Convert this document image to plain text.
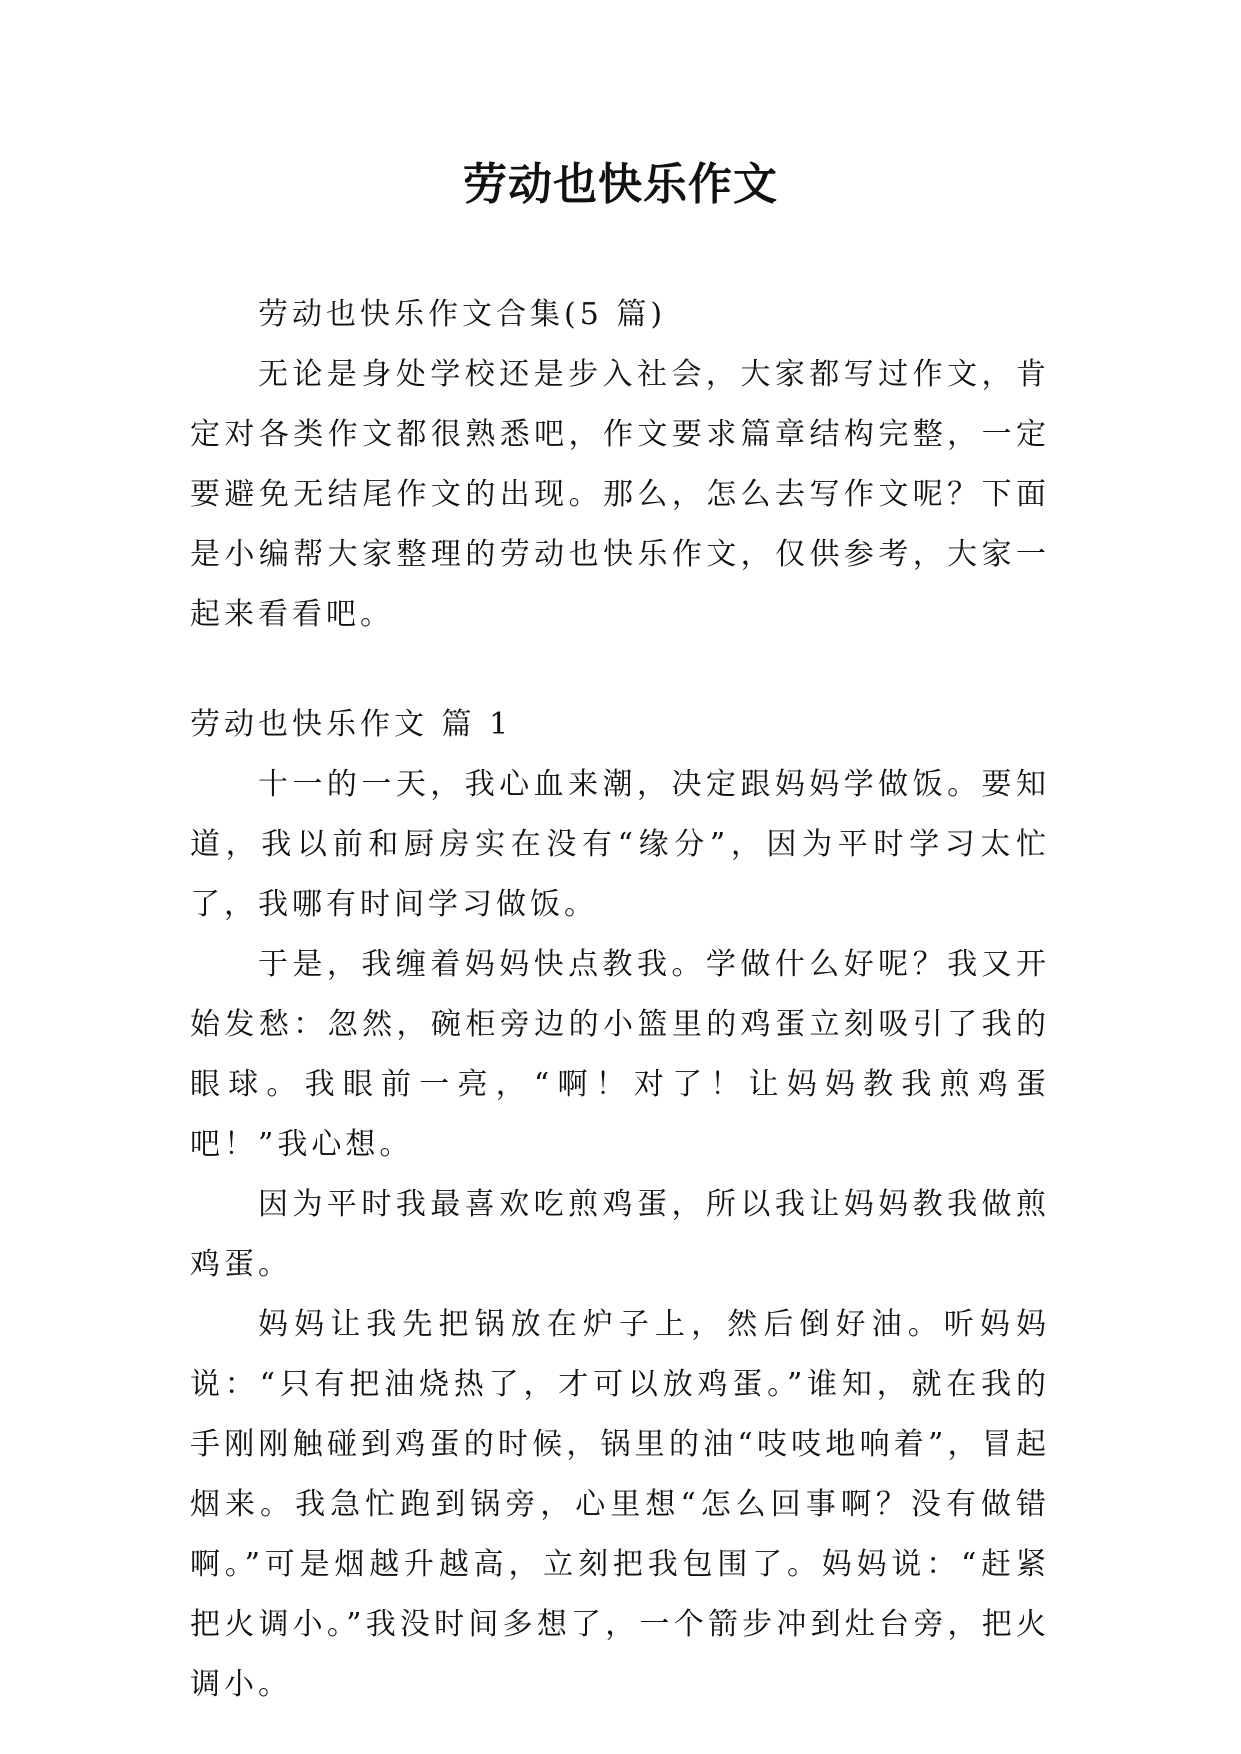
劳动也快乐作文

劳动也快乐作文合集(5 篇)

无论是身处学校还是步入社会，大家都写过作文，肯定对各类作文都很熟悉吧，作文要求篇章结构完整，一定要避免无结尾作文的出现。那么，怎么去写作文呢？下面是小编帮大家整理的劳动也快乐作文，仅供参考，大家一起来看看吧。

劳动也快乐作文 篇 1

十一的一天，我心血来潮，决定跟妈妈学做饭。要知道，我以前和厨房实在没有“缘分”，因为平时学习太忙了，我哪有时间学习做饭。

于是，我缠着妈妈快点教我。学做什么好呢？我又开始发愁：忽然，碗柜旁边的小篮里的鸡蛋立刻吸引了我的眼球。我眼前一亮，“啊！对了！让妈妈教我煎鸡蛋吧！”我心想。

因为平时我最喜欢吃煎鸡蛋，所以我让妈妈教我做煎鸡蛋。

妈妈让我先把锅放在炉子上，然后倒好油。听妈妈说：“只有把油烧热了，才可以放鸡蛋。”谁知，就在我的手刚刚触碰到鸡蛋的时候，锅里的油“吱吱地响着”，冒起烟来。我急忙跑到锅旁，心里想“怎么回事啊？没有做错啊。”可是烟越升越高，立刻把我包围了。妈妈说：“赶紧把火调小。”我没时间多想了，一个箭步冲到灶台旁，把火调小。
